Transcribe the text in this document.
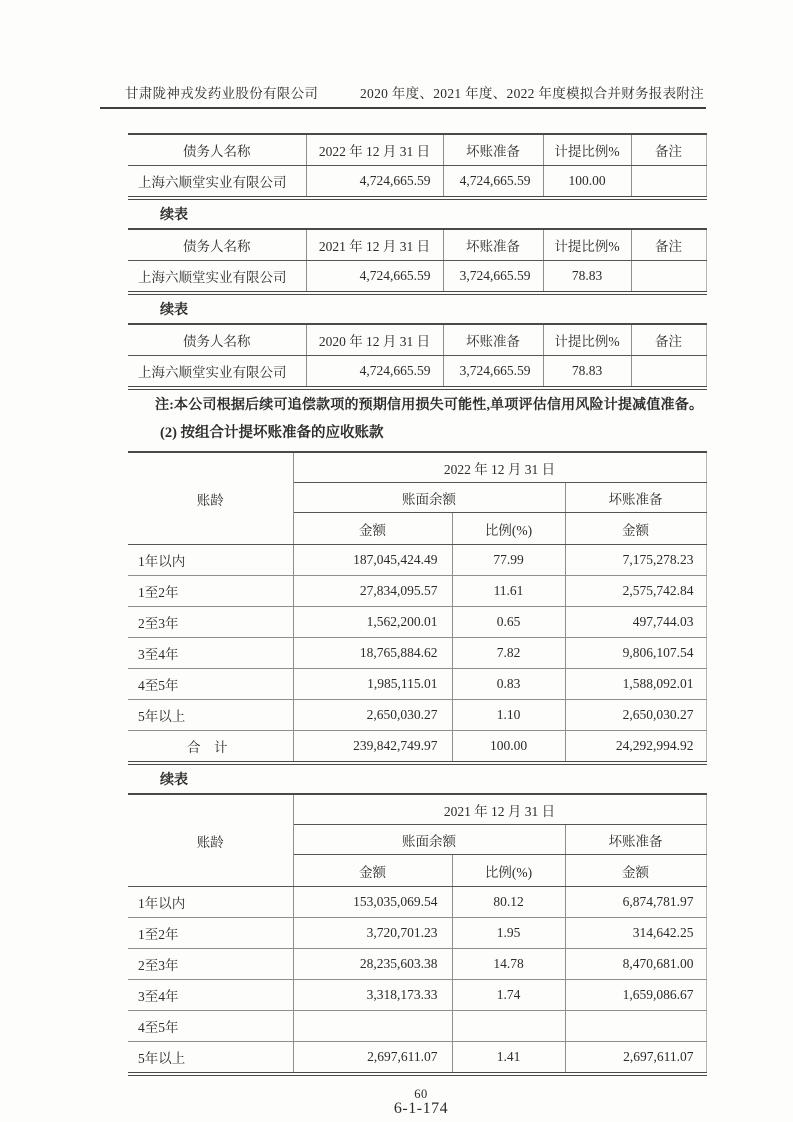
甘肃陇神戎发药业股份有限公司	2020 年度、2021 年度、2022 年度模拟合并财务报表附注
债务人名称	2022 年 12 月 31 日	坏账准备	计提比例%	备注
上海六顺堂实业有限公司	4,724,665.59	4,724,665.59	100.00	
续表
债务人名称	2021 年 12 月 31 日	坏账准备	计提比例%	备注
上海六顺堂实业有限公司	4,724,665.59	3,724,665.59	78.83	
续表
债务人名称	2020 年 12 月 31 日	坏账准备	计提比例%	备注
上海六顺堂实业有限公司	4,724,665.59	3,724,665.59	78.83	

注:本公司根据后续可追偿款项的预期信用损失可能性,单项评估信用风险计提减值准备。

(2) 按组合计提坏账准备的应收账款

账龄	2022 年 12 月 31 日		
	账面余额		坏账准备
	金额	比例(%)	金额
1年以内	187,045,424.49	77.99	7,175,278.23
1至2年	27,834,095.57	11.61	2,575,742.84
2至3年	1,562,200.01	0.65	497,744.03
3至4年	18,765,884.62	7.82	9,806,107.54
4至5年	1,985,115.01	0.83	1,588,092.01
5年以上	2,650,030.27	1.10	2,650,030.27
合　计	239,842,749.97	100.00	24,292,994.92
续表
账龄	2021 年 12 月 31 日		
	账面余额		坏账准备
	金额	比例(%)	金额
1年以内	153,035,069.54	80.12	6,874,781.97
1至2年	3,720,701.23	1.95	314,642.25
2至3年	28,235,603.38	14.78	8,470,681.00
3至4年	3,318,173.33	1.74	1,659,086.67
4至5年			
5年以上	2,697,611.07	1.41	2,697,611.07
60
6-1-174
